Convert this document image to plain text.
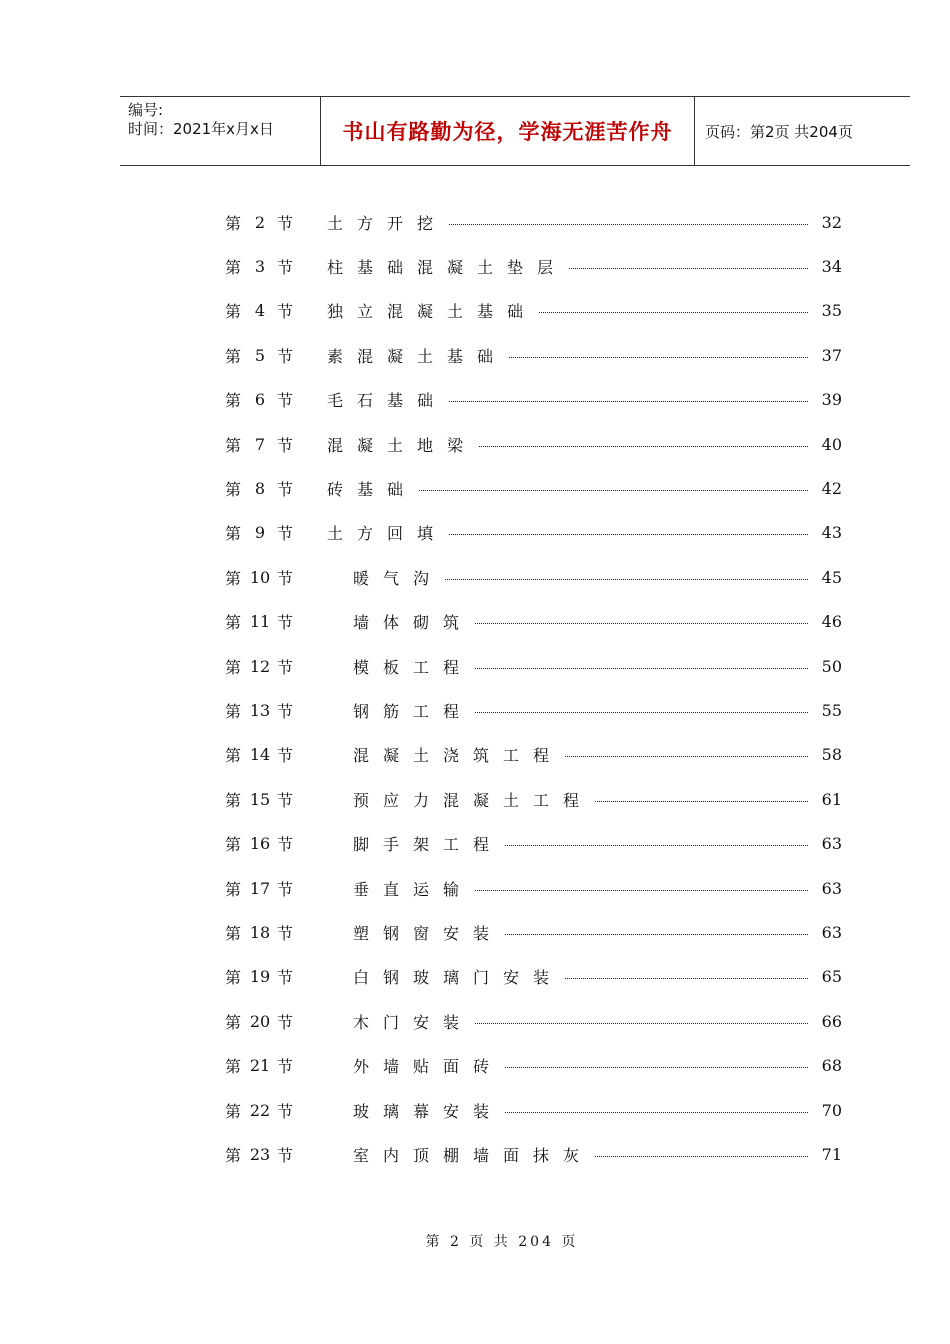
编号:
时间：2021年x月x日	书山有路勤为径，学海无涯苦作舟	页码：第2页 共204页
第 2 节 土方开挖	32
第 3 节 柱基础混凝土垫层	34
第 4 节 独立混凝土基础	35
第 5 节 素混凝土基础	37
第 6 节 毛石基础	39
第 7 节 混凝土地梁	40
第 8 节 砖基础	42
第 9 节 土方回填	43
第 10 节	暖气沟	45
第 11 节	墙体砌筑	46
第 12 节	模板工程	50
第 13 节	钢筋工程	55
第 14 节	混凝土浇筑工程	58
第 15 节	预应力混凝土工程	61
第 16 节	脚手架工程	63
第 17 节	垂直运输	63
第 18 节	塑钢窗安装	63
第 19 节	白钢玻璃门安装	65
第 20 节	木门安装	66
第 21 节	外墙贴面砖	68
第 22 节	玻璃幕安装	70
第 23 节	室内顶棚墙面抹灰	71
第 2 页 共 204 页
